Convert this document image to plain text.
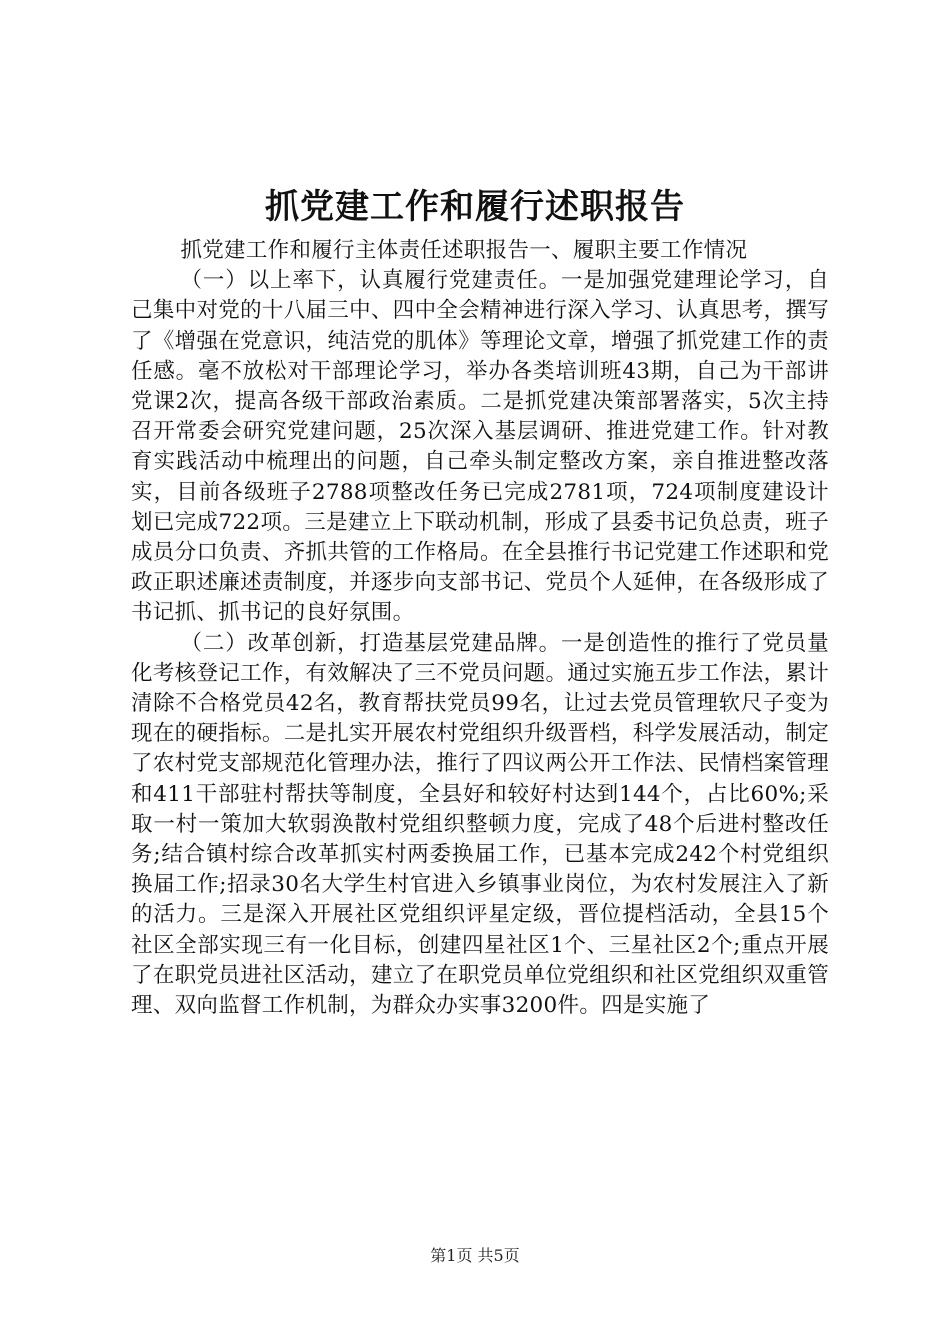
抓党建工作和履行述职报告

抓党建工作和履行主体责任述职报告一、履职主要工作情况

（一）以上率下，认真履行党建责任。一是加强党建理论学习，自己集中对党的十八届三中、四中全会精神进行深入学习、认真思考，撰写了《增强在党意识，纯洁党的肌体》等理论文章，增强了抓党建工作的责任感。毫不放松对干部理论学习，举办各类培训班43期，自己为干部讲党课2次，提高各级干部政治素质。二是抓党建决策部署落实，5次主持召开常委会研究党建问题，25次深入基层调研、推进党建工作。针对教育实践活动中梳理出的问题，自己牵头制定整改方案，亲自推进整改落实，目前各级班子2788项整改任务已完成2781项，724项制度建设计划已完成722项。三是建立上下联动机制，形成了县委书记负总责，班子成员分口负责、齐抓共管的工作格局。在全县推行书记党建工作述职和党政正职述廉述责制度，并逐步向支部书记、党员个人延伸，在各级形成了书记抓、抓书记的良好氛围。

（二）改革创新，打造基层党建品牌。一是创造性的推行了党员量化考核登记工作，有效解决了三不党员问题。通过实施五步工作法，累计清除不合格党员42名，教育帮扶党员99名，让过去党员管理软尺子变为现在的硬指标。二是扎实开展农村党组织升级晋档，科学发展活动，制定了农村党支部规范化管理办法，推行了四议两公开工作法、民情档案管理和411干部驻村帮扶等制度，全县好和较好村达到144个，占比60%;采取一村一策加大软弱涣散村党组织整顿力度，完成了48个后进村整改任务;结合镇村综合改革抓实村两委换届工作，已基本完成242个村党组织换届工作;招录30名大学生村官进入乡镇事业岗位，为农村发展注入了新的活力。三是深入开展社区党组织评星定级，晋位提档活动，全县15个社区全部实现三有一化目标，创建四星社区1个、三星社区2个;重点开展了在职党员进社区活动，建立了在职党员单位党组织和社区党组织双重管理、双向监督工作机制，为群众办实事3200件。四是实施了

第1页 共5页
